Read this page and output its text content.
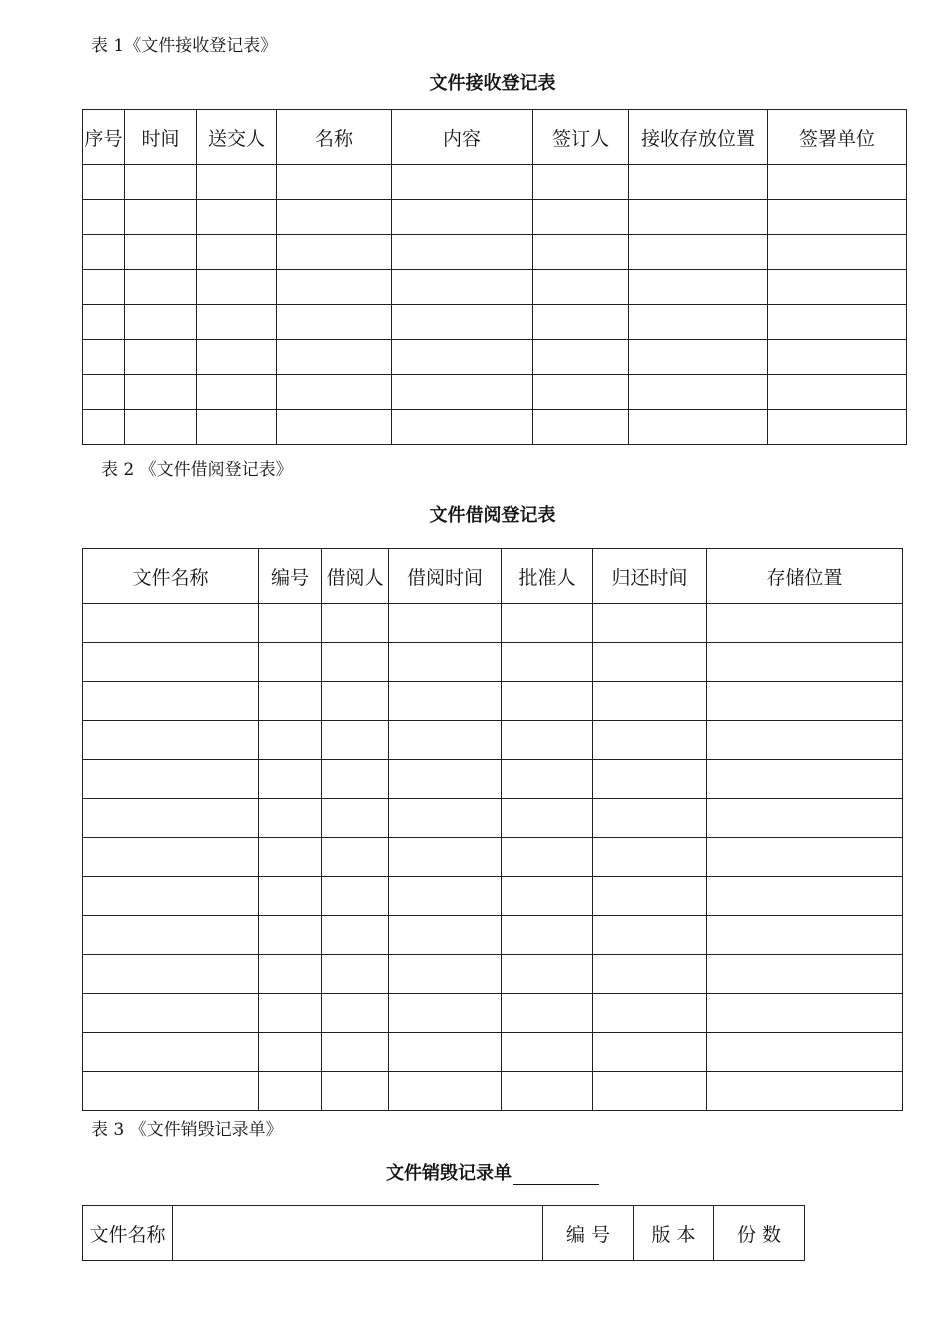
表 1《文件接收登记表》
文件接收登记表
序号	时间	送交人	名称	内容	签订人	接收存放位置	签署单位

表 2 《文件借阅登记表》
文件借阅登记表
文件名称	编号	借阅人	借阅时间	批准人	归还时间	存储位置

表 3 《文件销毁记录单》
文件销毁记录单
文件名称		编 号	版 本	份 数
